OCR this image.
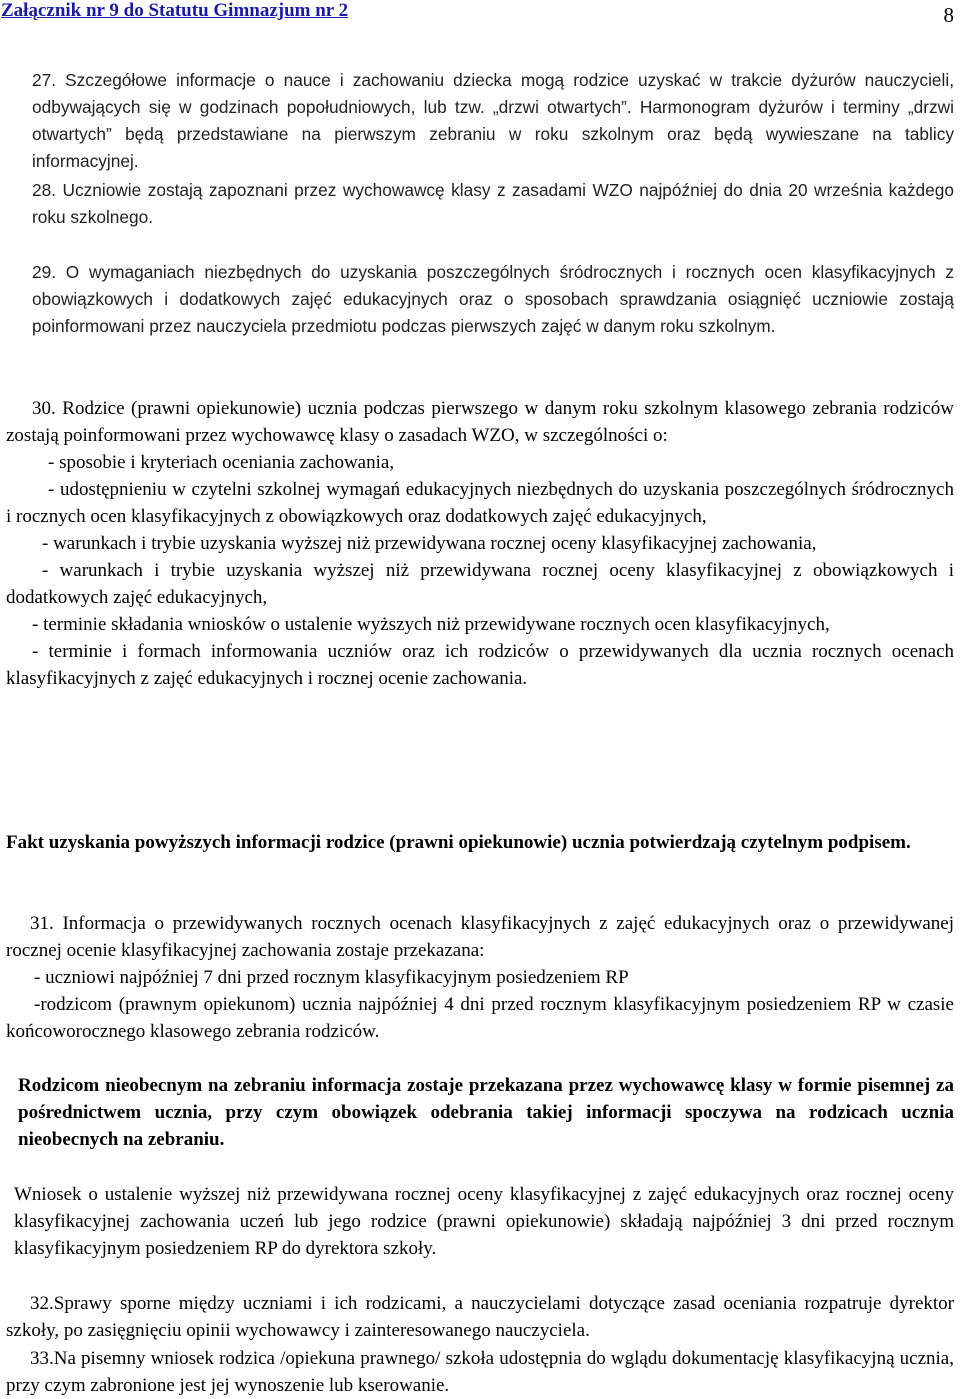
Załącznik nr 9 do Statutu Gimnazjum nr 2	8

27. Szczegółowe informacje o nauce i zachowaniu dziecka mogą rodzice uzyskać w trakcie dyżurów nauczycieli, odbywających się w godzinach popołudniowych, lub tzw. „drzwi otwartych”. Harmonogram dyżurów i terminy „drzwi otwartych” będą przedstawiane na pierwszym zebraniu w roku szkolnym oraz będą wywieszane na tablicy informacyjnej.

28. Uczniowie zostają zapoznani przez wychowawcę klasy z zasadami WZO najpóźniej do dnia 20 września każdego roku szkolnego.

29. O wymaganiach niezbędnych do uzyskania poszczególnych śródrocznych i rocznych ocen klasyfikacyjnych z obowiązkowych i dodatkowych zajęć edukacyjnych oraz o sposobach sprawdzania osiągnięć uczniowie zostają poinformowani przez nauczyciela przedmiotu podczas pierwszych zajęć w danym roku szkolnym.

30. Rodzice (prawni opiekunowie) ucznia podczas pierwszego w danym roku szkolnym klasowego zebrania rodziców zostają poinformowani przez wychowawcę klasy o zasadach WZO, w szczególności o:

- sposobie i kryteriach oceniania zachowania,

- udostępnieniu w czytelni szkolnej wymagań edukacyjnych niezbędnych do uzyskania poszczególnych śródrocznych i rocznych ocen klasyfikacyjnych z obowiązkowych oraz dodatkowych zajęć edukacyjnych,

- warunkach i trybie uzyskania wyższej niż przewidywana rocznej oceny klasyfikacyjnej zachowania,

- warunkach i trybie uzyskania wyższej niż przewidywana rocznej oceny klasyfikacyjnej z obowiązkowych i dodatkowych zajęć edukacyjnych,

- terminie składania wniosków o ustalenie wyższych niż przewidywane rocznych ocen klasyfikacyjnych,

- terminie i formach informowania uczniów oraz ich rodziców o przewidywanych dla ucznia rocznych ocenach klasyfikacyjnych z zajęć edukacyjnych i rocznej ocenie zachowania.

Fakt uzyskania powyższych informacji rodzice (prawni opiekunowie) ucznia potwierdzają czytelnym podpisem.

31. Informacja o przewidywanych rocznych ocenach klasyfikacyjnych z zajęć edukacyjnych oraz o przewidywanej rocznej ocenie klasyfikacyjnej zachowania zostaje przekazana:

- uczniowi najpóźniej 7 dni przed rocznym klasyfikacyjnym posiedzeniem RP

-rodzicom (prawnym opiekunom) ucznia najpóźniej 4 dni przed rocznym klasyfikacyjnym posiedzeniem RP w czasie końcoworocznego klasowego zebrania rodziców.

Rodzicom nieobecnym na zebraniu informacja zostaje przekazana przez wychowawcę klasy w formie pisemnej za pośrednictwem ucznia, przy czym obowiązek odebrania takiej informacji spoczywa na rodzicach ucznia nieobecnych na zebraniu.

Wniosek o ustalenie wyższej niż przewidywana rocznej oceny klasyfikacyjnej z zajęć edukacyjnych oraz rocznej oceny klasyfikacyjnej zachowania uczeń lub jego rodzice (prawni opiekunowie) składają najpóźniej 3 dni przed rocznym klasyfikacyjnym posiedzeniem RP do dyrektora szkoły.

32.Sprawy sporne między uczniami i ich rodzicami, a nauczycielami dotyczące zasad oceniania rozpatruje dyrektor szkoły, po zasięgnięciu opinii wychowawcy i zainteresowanego nauczyciela.

33.Na pisemny wniosek rodzica /opiekuna prawnego/ szkoła udostępnia do wglądu dokumentację klasyfikacyjną ucznia, przy czym zabronione jest jej wynoszenie lub kserowanie.
